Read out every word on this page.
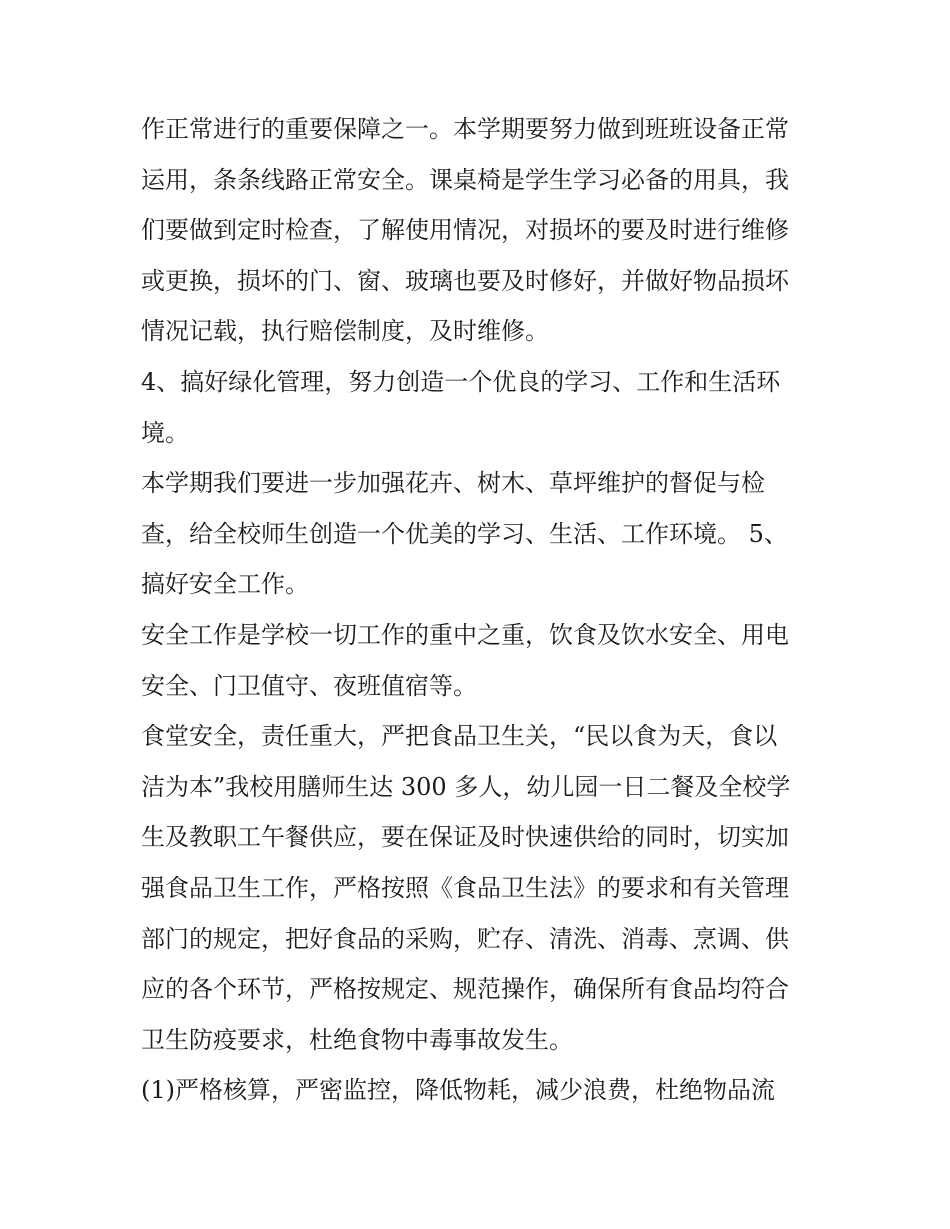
作正常进行的重要保障之一。本学期要努力做到班班设备正常
运用，条条线路正常安全。课桌椅是学生学习必备的用具，我
们要做到定时检查，了解使用情况，对损坏的要及时进行维修
或更换，损坏的门、窗、玻璃也要及时修好，并做好物品损坏
情况记载，执行赔偿制度，及时维修。
4、搞好绿化管理，努力创造一个优良的学习、工作和生活环
境。
本学期我们要进一步加强花卉、树木、草坪维护的督促与检
查，给全校师生创造一个优美的学习、生活、工作环境。 5、
搞好安全工作。
安全工作是学校一切工作的重中之重，饮食及饮水安全、用电
安全、门卫值守、夜班值宿等。
食堂安全，责任重大，严把食品卫生关，“民以食为天，食以
洁为本”我校用膳师生达 300 多人，幼儿园一日二餐及全校学
生及教职工午餐供应，要在保证及时快速供给的同时，切实加
强食品卫生工作，严格按照《食品卫生法》的要求和有关管理
部门的规定，把好食品的采购，贮存、清洗、消毒、烹调、供
应的各个环节，严格按规定、规范操作，确保所有食品均符合
卫生防疫要求，杜绝食物中毒事故发生。
(1)严格核算，严密监控，降低物耗，减少浪费，杜绝物品流
